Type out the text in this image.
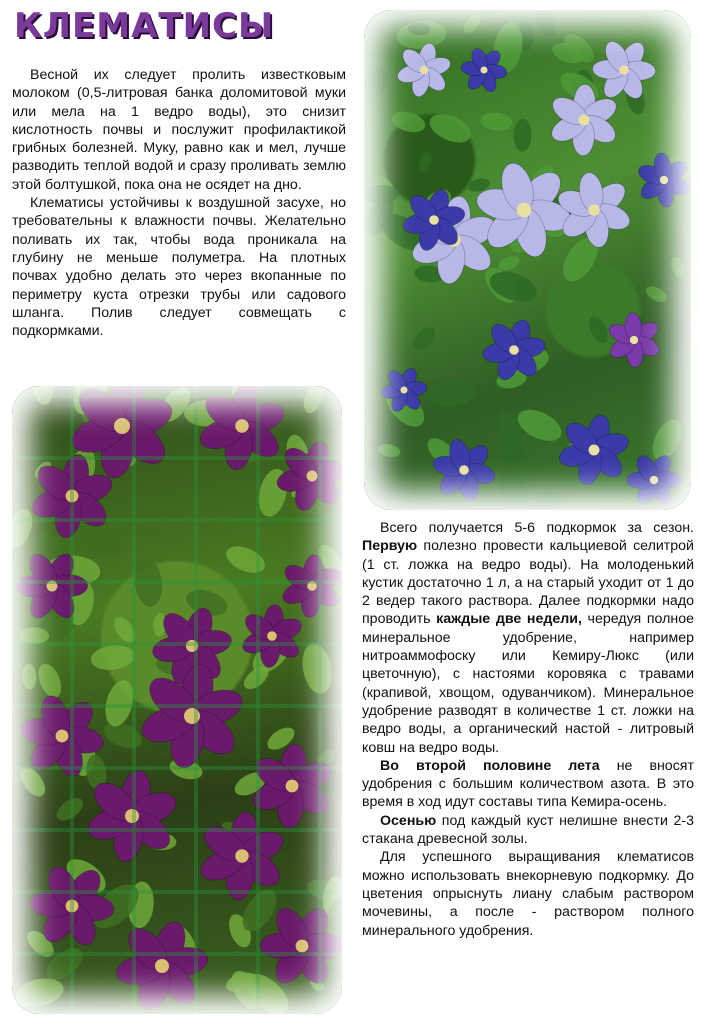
КЛЕМАТИСЫ

Весной их следует пролить известковым молоком (0,5-литровая банка доломитовой муки или мела на 1 ведро воды), это снизит кислотность почвы и послужит профилактикой грибных болезней. Муку, равно как и мел, лучше разводить теплой водой и сразу проливать землю этой болтушкой, пока она не осядет на дно.

Клематисы устойчивы к воздушной засухе, но требовательны к влажности почвы. Желательно поливать их так, чтобы вода проникала на глубину не меньше полуметра. На плотных почвах удобно делать это через вкопанные по периметру куста отрезки трубы или садового шланга. Полив следует совмещать с подкормками.

Всего получается 5-6 подкормок за сезон. Первую полезно провести кальциевой селитрой (1 ст. ложка на ведро воды). На молоденький кустик достаточно 1 л, а на старый уходит от 1 до 2 ведер такого раствора. Далее подкормки надо проводить каждые две недели, чередуя полное минеральное удобрение, например нитроаммофоску или Кемиру-Люкс (или цветочную), с настоями коровяка с травами (крапивой, хвощом, одуванчиком). Минеральное удобрение разводят в количестве 1 ст. ложки на ведро воды, а органический настой - литровый ковш на ведро воды.

Во второй половине лета не вносят удобрения с большим количеством азота. В это время в ход идут составы типа Кемира-осень.

Осенью под каждый куст нелишне внести 2-3 стакана древесной золы.

Для успешного выращивания клематисов можно использовать внекорневую подкормку. До цветения опрыснуть лиану слабым раствором мочевины, а после - раствором полного минерального удобрения.
